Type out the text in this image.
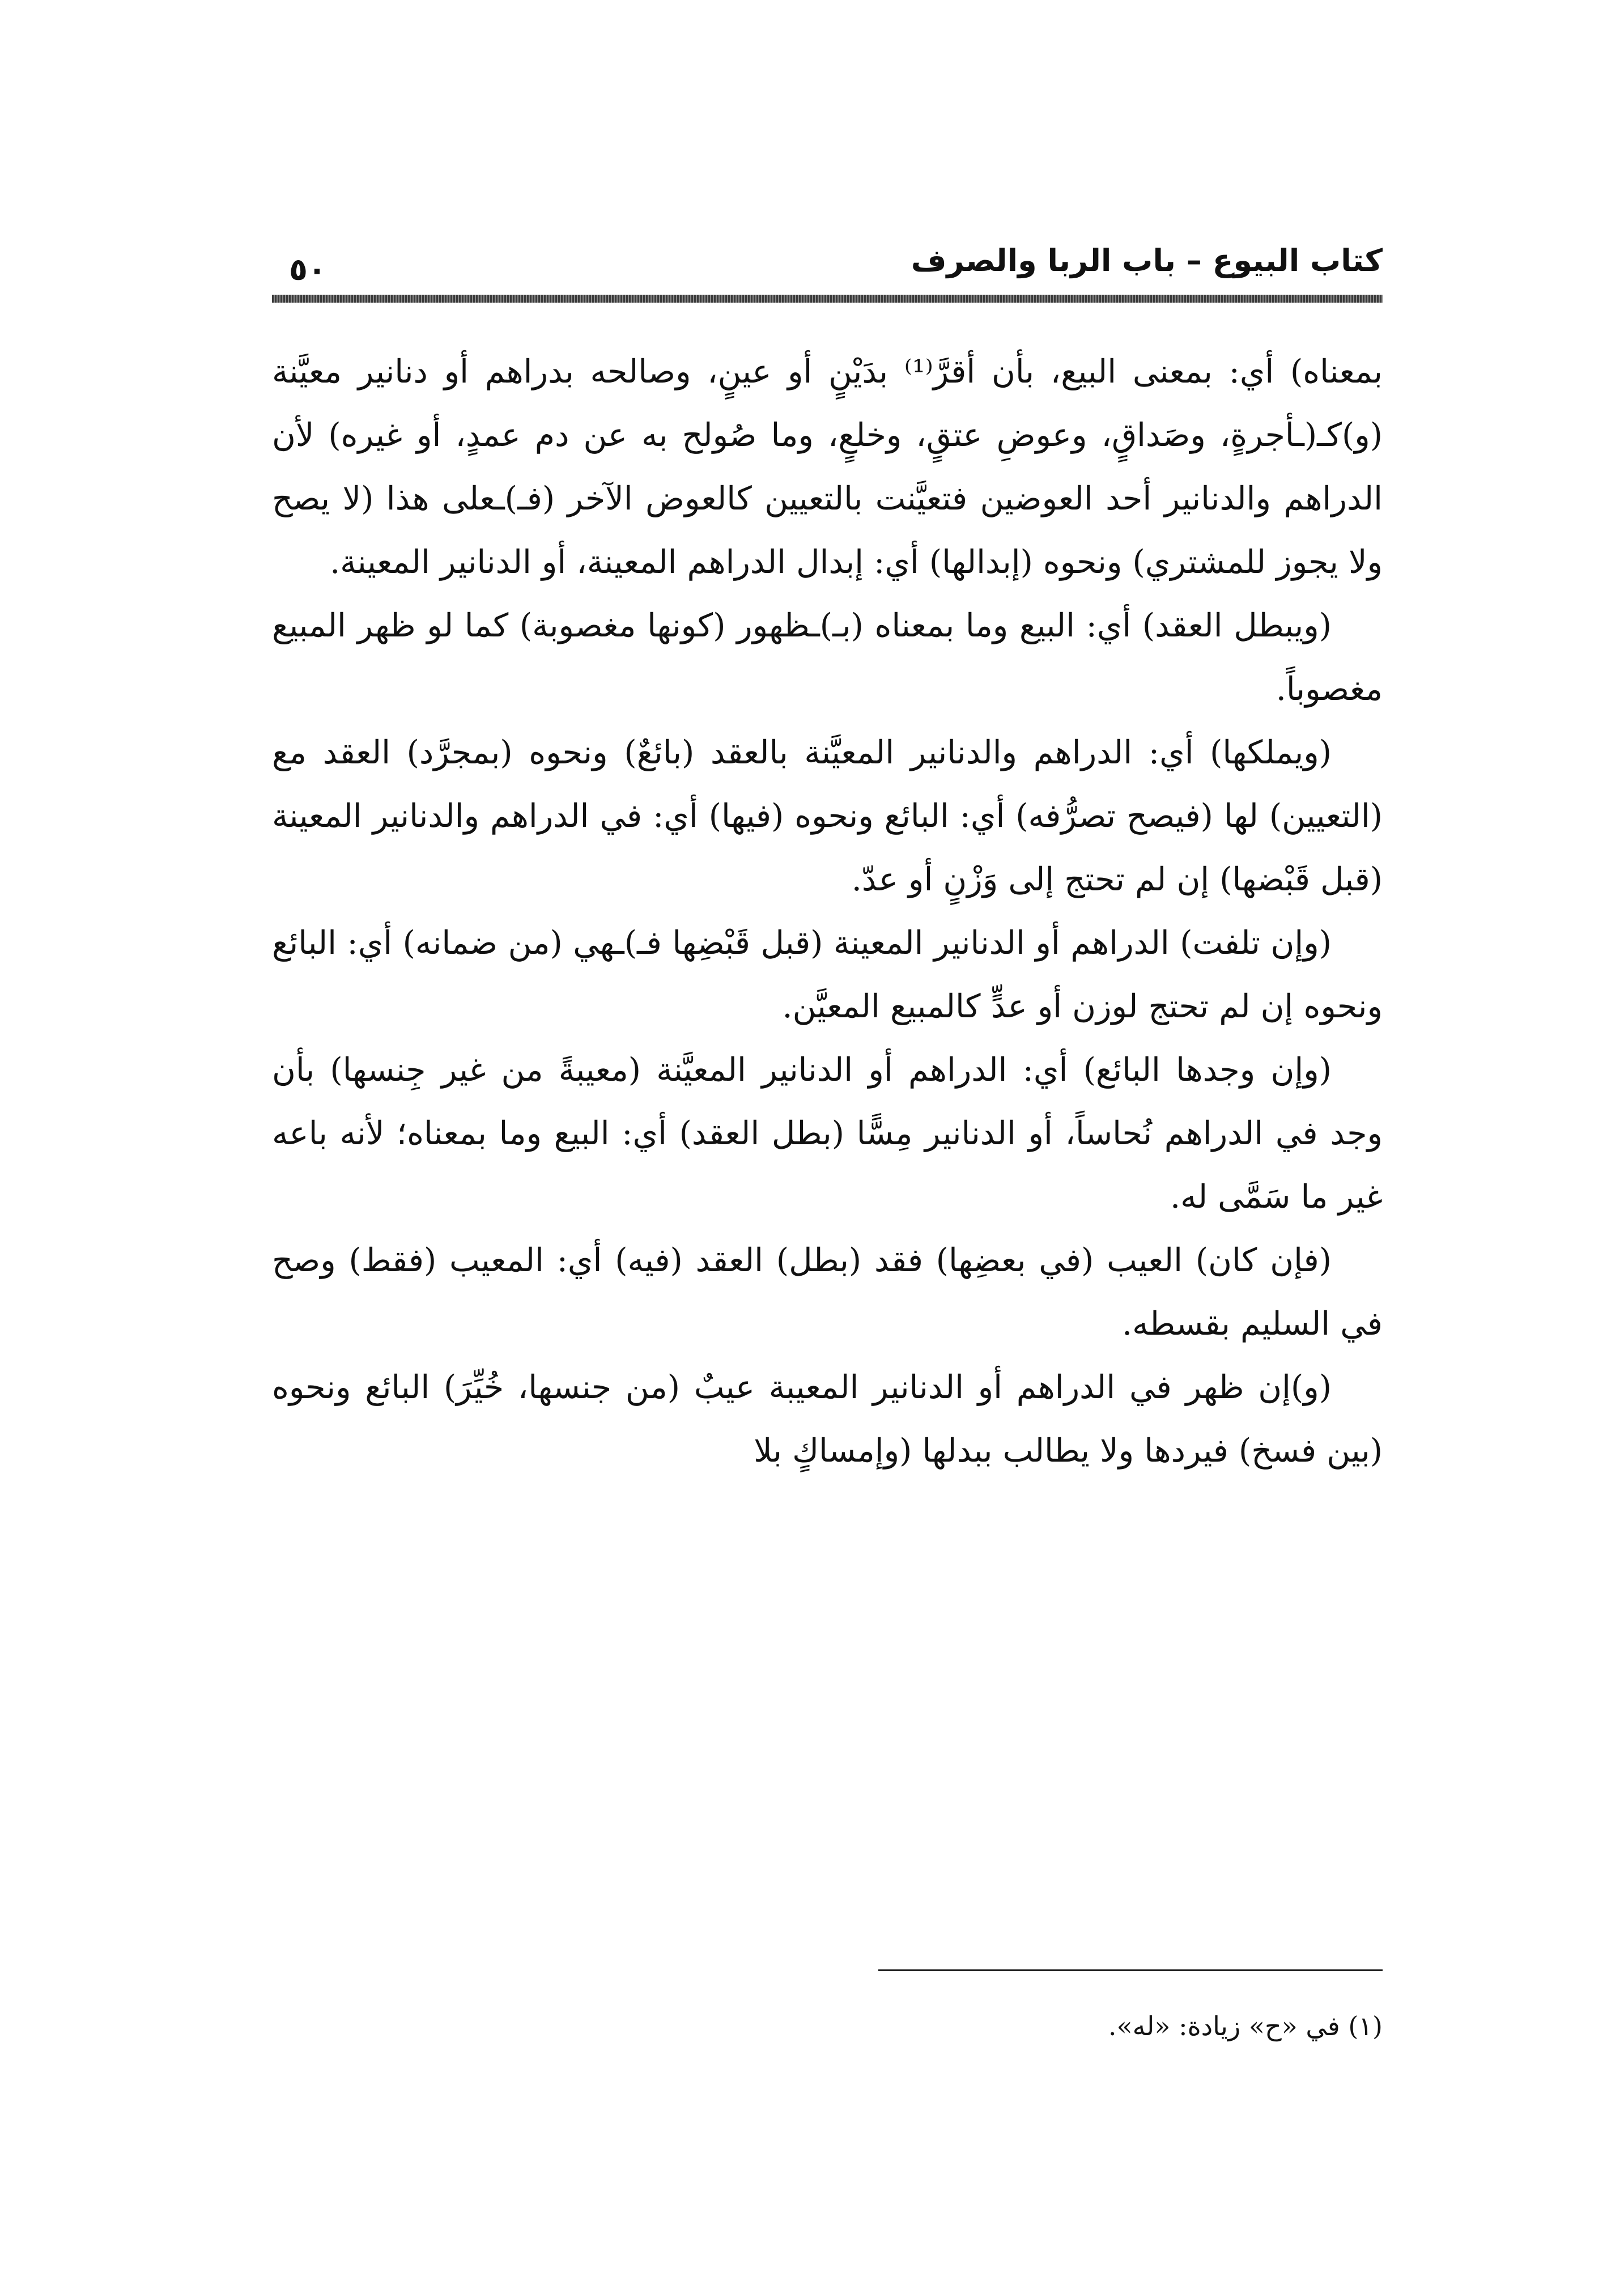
كتاب البيوع – باب الربا والصرف
٥٠

بمعناه) أي: بمعنى البيع، بأن أقرَّ⁽¹⁾ بدَيْنٍ أو عينٍ، وصالحه بدراهم أو دنانير معيَّنة (و)كـ(ـأجرةٍ، وصَداقٍ، وعوضِ عتقٍ، وخلعٍ، وما صُولح به عن دم عمدٍ، أو غيره) لأن الدراهم والدنانير أحد العوضين فتعيَّنت بالتعيين كالعوض الآخر (فـ)ـعلى هذا (لا يصح ولا يجوز للمشتري) ونحوه (إبدالها) أي: إبدال الدراهم المعينة، أو الدنانير المعينة.

(ويبطل العقد) أي: البيع وما بمعناه (بـ)ـظهور (كونها مغصوبة) كما لو ظهر المبيع مغصوباً.

(ويملكها) أي: الدراهم والدنانير المعيَّنة بالعقد (بائعٌ) ونحوه (بمجرَّد) العقد مع (التعيين) لها (فيصح تصرُّفه) أي: البائع ونحوه (فيها) أي: في الدراهم والدنانير المعينة (قبل قَبْضها) إن لم تحتج إلى وَزْنٍ أو عدّ.

(وإن تلفت) الدراهم أو الدنانير المعينة (قبل قَبْضِها فـ)ـهي (من ضمانه) أي: البائع ونحوه إن لم تحتج لوزن أو عدٍّ كالمبيع المعيَّن.

(وإن وجدها البائع) أي: الدراهم أو الدنانير المعيَّنة (معيبةً من غير جِنسها) بأن وجد في الدراهم نُحاساً، أو الدنانير مِسًّا (بطل العقد) أي: البيع وما بمعناه؛ لأنه باعه غير ما سَمَّى له.

(فإن كان) العيب (في بعضِها) فقد (بطل) العقد (فيه) أي: المعيب (فقط) وصح في السليم بقسطه.

(و)إن ظهر في الدراهم أو الدنانير المعيبة عيبٌ (من جنسها، خُيِّرَ) البائع ونحوه (بين فسخ) فيردها ولا يطالب ببدلها (وإمساكٍ بلا

(١) في «ح» زيادة: «له».
